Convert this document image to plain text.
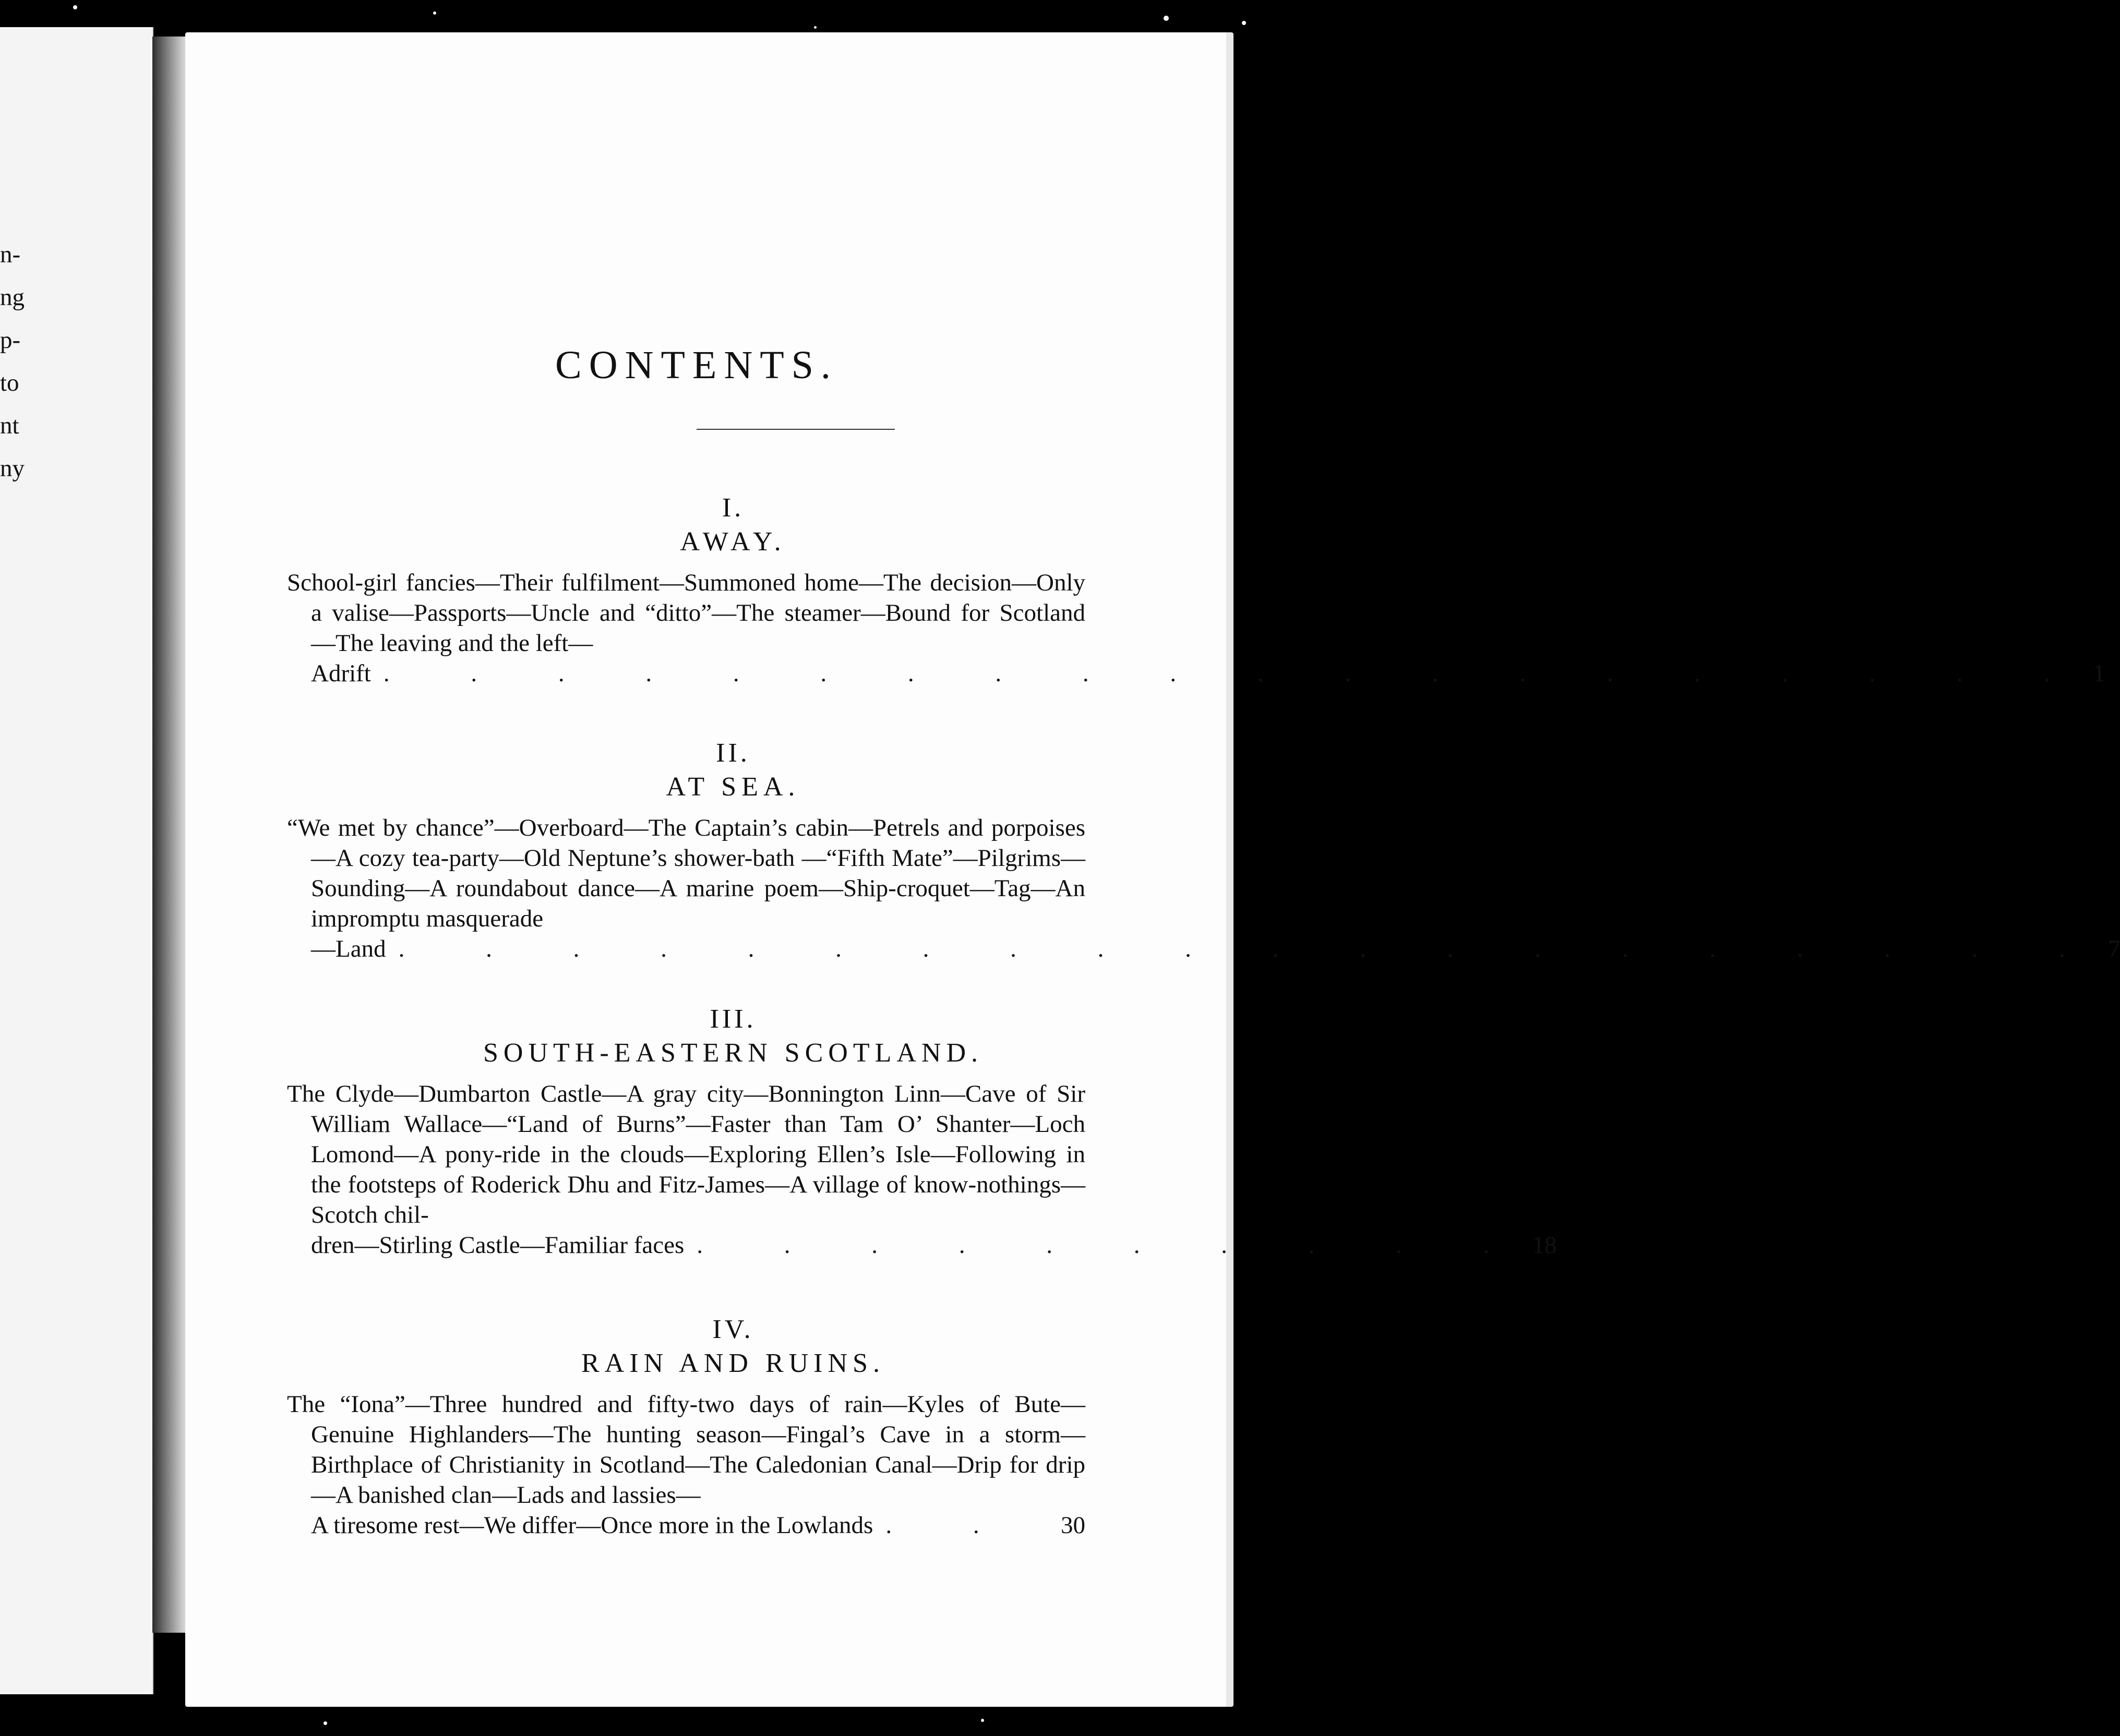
n-
ng
p-
to
nt
ny
CONTENTS.
I.
AWAY.
School-girl fancies—Their fulfilment—Summoned home—The decision—Only a valise—Passports—Uncle and “ditto”—The steamer—Bound for Scotland—The leaving and the left—
Adrift . . . . . . . . . . . . . . . . . . . . 1
II.
AT SEA.
“We met by chance”—Overboard—The Captain’s cabin—Petrels and porpoises—A cozy tea-party—Old Neptune’s shower-bath —“Fifth Mate”—Pilgrims—Sounding—A roundabout dance—A marine poem—Ship-croquet—Tag—An impromptu masquerade
—Land . . . . . . . . . . . . . . . . . . . . 7
III.
SOUTH-EASTERN SCOTLAND.
The Clyde—Dumbarton Castle—A gray city—Bonnington Linn—Cave of Sir William Wallace—“Land of Burns”—Faster than Tam O’ Shanter—Loch Lomond—A pony-ride in the clouds—Exploring Ellen’s Isle—Following in the footsteps of Roderick Dhu and Fitz-James—A village of know-nothings—Scotch chil-
dren—Stirling Castle—Familiar faces . . . . . . . . . . 18
IV.
RAIN AND RUINS.
The “Iona”—Three hundred and fifty-two days of rain—Kyles of Bute—Genuine Highlanders—The hunting season—Fingal’s Cave in a storm—Birthplace of Christianity in Scotland—The Caledonian Canal—Drip for drip—A banished clan—Lads and lassies—
A tiresome rest—We differ—Once more in the Lowlands . .	30
